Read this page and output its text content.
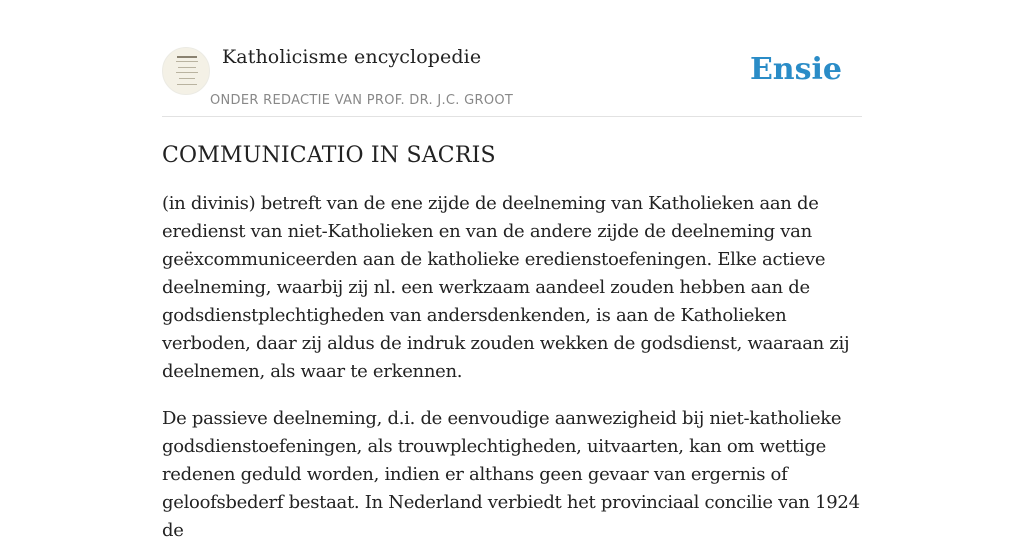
Katholicisme encyclopedie
ONDER REDACTIE VAN PROF. DR. J.C. GROOT
Ensie
COMMUNICATIO IN SACRIS

(in divinis) betreft van de ene zijde de deelneming van Katholieken aan de eredienst van niet-Katholieken en van de andere zijde de deelneming van geëxcommuniceerden aan de katholieke eredienstoefeningen. Elke actieve deelneming, waarbij zij nl. een werkzaam aandeel zouden hebben aan de godsdienstplechtigheden van andersdenkenden, is aan de Katholieken verboden, daar zij aldus de indruk zouden wekken de godsdienst, waaraan zij deelnemen, als waar te erkennen.

De passieve deelneming, d.i. de eenvoudige aanwezigheid bij niet-katholieke godsdienstoefeningen, als trouwplechtigheden, uitvaarten, kan om wettige redenen geduld worden, indien er althans geen gevaar van ergernis of geloofsbederf bestaat. In Nederland verbiedt het provinciaal concilie van 1924 de
